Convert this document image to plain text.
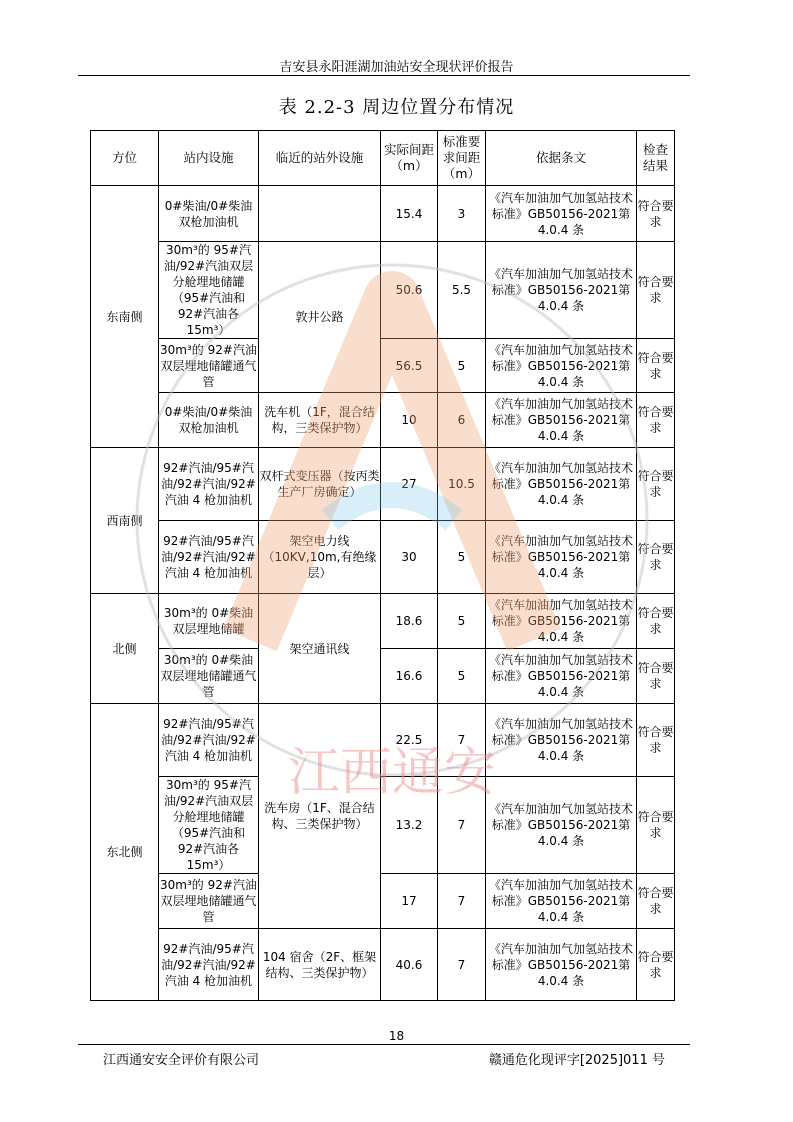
吉安县永阳涯湖加油站安全现状评价报告
表 2.2-3 周边位置分布情况
方位	站内设施	临近的站外设施	实际间距（m）	标准要求间距（m）	依据条文	检查结果
东南侧	0#柴油/0#柴油双枪加油机		15.4	3	《汽车加油加气加氢站技术标准》GB50156-2021第 4.0.4 条	符合要求
	30m³的 95#汽油/92#汽油双层分舱埋地储罐（95#汽油和 92#汽油各 15m³）	敦井公路	50.6	5.5	《汽车加油加气加氢站技术标准》GB50156-2021第 4.0.4 条	符合要求
	30m³的 92#汽油双层埋地储罐通气管		56.5	5	《汽车加油加气加氢站技术标准》GB50156-2021第 4.0.4 条	符合要求
	0#柴油/0#柴油双枪加油机	洗车机（1F，混合结构，三类保护物）	10	6	《汽车加油加气加氢站技术标准》GB50156-2021第 4.0.4 条	符合要求
西南侧	92#汽油/95#汽油/92#汽油/92#汽油 4 枪加油机	双杆式变压器（按丙类生产厂房确定）	27	10.5	《汽车加油加气加氢站技术标准》GB50156-2021第 4.0.4 条	符合要求
	92#汽油/95#汽油/92#汽油/92#汽油 4 枪加油机	架空电力线（10KV,10m,有绝缘层）	30	5	《汽车加油加气加氢站技术标准》GB50156-2021第 4.0.4 条	符合要求
北侧	30m³的 0#柴油双层埋地储罐	架空通讯线	18.6	5	《汽车加油加气加氢站技术标准》GB50156-2021第 4.0.4 条	符合要求
	30m³的 0#柴油双层埋地储罐通气管		16.6	5	《汽车加油加气加氢站技术标准》GB50156-2021第 4.0.4 条	符合要求
东北侧	92#汽油/95#汽油/92#汽油/92#汽油 4 枪加油机	洗车房（1F、混合结构、三类保护物）	22.5	7	《汽车加油加气加氢站技术标准》GB50156-2021第 4.0.4 条	符合要求
	30m³的 95#汽油/92#汽油双层分舱埋地储罐（95#汽油和 92#汽油各 15m³）		13.2	7	《汽车加油加气加氢站技术标准》GB50156-2021第 4.0.4 条	符合要求
	30m³的 92#汽油双层埋地储罐通气管		17	7	《汽车加油加气加氢站技术标准》GB50156-2021第 4.0.4 条	符合要求
	92#汽油/95#汽油/92#汽油/92#汽油 4 枪加油机	104 宿舍（2F、框架结构、三类保护物）	40.6	7	《汽车加油加气加氢站技术标准》GB50156-2021第 4.0.4 条	符合要求
江西通安
18
江西通安安全评价有限公司	赣通危化现评字[2025]011 号
